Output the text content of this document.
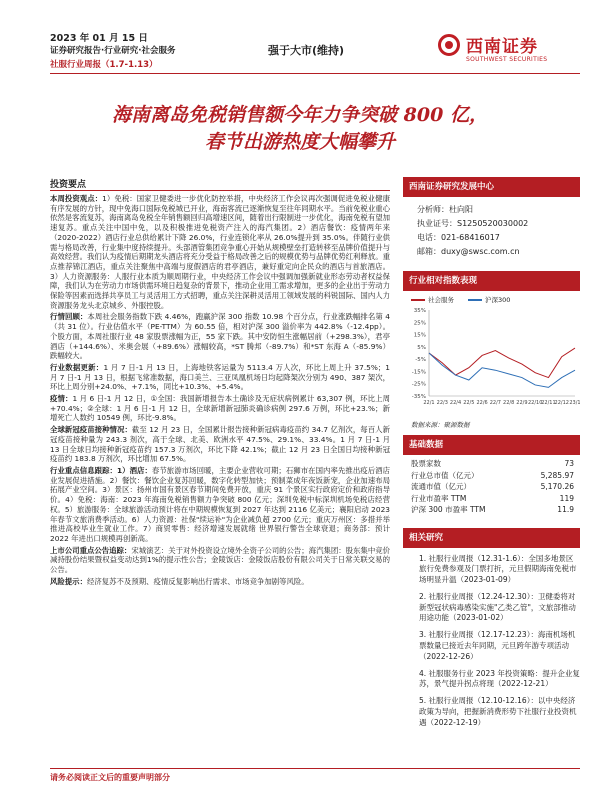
2023 年 01 月 15 日
证券研究报告·行业研究·社会服务
社服行业周报（1.7-1.13）
强于大市(维持)	西南证券
SOUTHWEST SECURITIES
海南离岛免税销售额今年力争突破 800 亿，
春节出游热度大幅攀升
投资要点

本周投资观点：1）免税：国家卫健委进一步优化防控举措，中央经济工作会议再次强调促进免税业健康有序发展的方针，现中免海口国际免税城已开业，海南客流已逐渐恢复至往年同期水平。当前免税业重心依然是客流复苏，海南离岛免税全年销售额回归高增速区间，随着出行限制进一步优化，海南免税有望加速复苏。重点关注中国中免，以及积极推进免税资产注入的海汽集团。2）酒店餐饮：疫情两年来（2020-2022）酒店行业总供给累计下降 26.0%，行业连锁化率从 26.0%提升到 35.0%。伴随行业供需与格局改善，行业集中度持续提升。头部酒管集团竞争重心开始从规模壁垒打造转移至品牌价值提升与高效经营。我们认为疫情后期期龙头酒店将充分受益于格局改善之后的规模优势与品牌优势红利释放。重点推荐锦江酒店，重点关注聚焦中高端与度假酒店的君亭酒店，兼好重定向企民众的酒店与首旅酒店。3）人力资源服务：人服行业本质为顺周期行业，中央经济工作会议中强调加强新就业形态劳动者权益保障，我们认为在劳动力市场供需环境日趋复杂的背景下，推动企业用工需求增加，更多的企业出于劳动力保险等因素而选择共享员工与灵活用工方式招聘，重点关注深耕灵活用工领域发展的科锐国际、国内人力资源服务龙头北京城乡、外服控股。

行情回顾：本周社会服务指数下跌 4.46%，跑赢沪深 300 指数 10.98 个百分点，行业涨跌幅排名第 4（共 31 位）。行业估值水平（PE-TTM）为 60.55 倍，相对沪深 300 溢价率为 442.8%（-12.4pp）。个股方面，本周社服行业 48 家股票涨幅为正，55 家下跌。其中安防恒生涨幅居前（+298.3%），君亭酒店（+144.6%）、米奥会展（+89.6%）涨幅较高，*ST 腾邦（-89.7%）和*ST 东海 A（-85.9%）跌幅较大。

行业数据更新：1 月 7 日-1 月 13 日，上海地铁客运量为 5113.4 万人次，环比上周上升 37.5%；1 月 7 日-1 月 13 日，根据飞常准数据，海口美兰、三亚凤凰机场日均起降架次分别为 490、387 架次，环比上周分别+24.0%、+7.1%，同比+10.3%、+5.4%。

疫情：1 月 6 日-1 月 12 日，①全国：我国新增报告本土确诊及无症状病例累计 63,307 例，环比上周+70.4%；②全球：1 月 6 日-1 月 12 日，全球新增新冠肺炎确诊病例 297.6 万例，环比+23.%；新增死亡人数约 10549 例，环比-9.8%。

全球新冠疫苗接种情况：截至 12 月 23 日，全国累计报告接种新冠病毒疫苗约 34.7 亿剂次，每百人新冠疫苗接种量为 243.3 剂次，高于全球、北美、欧洲水平 47.5%、29.1%、33.4%。1 月 7 日-1 月 13 日全球日均接种新冠疫苗约 157.3 万剂次，环比下降 42.1%；截止 12 月 23 日全国日均接种新冠疫苗约 183.8 万剂次，环比增加 67.5%。

行业重点信息跟踪：1）酒店：春节旅游市场回暖，主要企业营收可期；石狮市在国内率先推出疫后酒店业发展促进措施。2）餐饮：餐饮企业复苏回暖，数字化转型加快；预制菜成年夜饭新宠，企业加速布局拓展产业空间。3）景区：扬州市国有景区春节期间免费开放，重庆 91 个景区实行政府定价和政府指导价。4）免税：海南：2023 年海南免税销售额力争突破 800 亿元；深圳免税中标深圳机场免税店经营权。5）旅游服务：全球旅游活动预计将在中期规模恢复到 2027 年达到 2116 亿美元；襄阳启动 2023 年春节文旅消费季活动。6）人力资源：社保"续运补"为企业减负超 2700 亿元；重庆万州区：多措并举推进高校毕业生就业工作。7）商贸零售：经济增速发展就绪 世界银行警告全球衰退；商务部：预计 2022 年进出口规模再创新高。

上市公司重点公告追踪：宋城演艺：关于对外投资设立境外全资子公司的公告；海汽集团：股东集中竞价减持股份结果暨权益变动达到1%的提示性公告；金陵饭店：金陵饭店股份有限公司关于日常关联交易的公告。

风险提示：经济复苏不及预期、疫情反复影响出行需求、市场竞争加剧等风险。

西南证券研究发展中心
分析师：杜向阳
执业证号：S1250520030002
电话：021-68416017
邮箱：duxy@swsc.com.cn
行业相对指数表现
社会服务	沪深300
35%
25%
15%
5%
-5%
-15%
-25%
-35%
22/1 22/3 22/4 22/5 22/6 22/7 22/8 22/9 22/10
22/11
22/12 23/1
数据来源：聚源数据
基础数据
股票家数	73
行业总市值（亿元）	5,285.97
流通市值（亿元）	5,170.26
行业市盈率 TTM	119
沪深 300 市盈率 TTM	11.9
相关研究
1. 社服行业周报（12.31-1.6）：全国多地景区旅行免费参观及门票打折，元旦假期海南免税市场明显升温（2023-01-09）
2. 社服行业周报（12.24-12.30）：卫健委将对新型冠状病毒感染实施"乙类乙管"，文旅部推动用途功能（2023-01-02）
3. 社服行业周报（12.17-12.23）：海南机场机票数量已接近去年同期，元旦跨年游专项活动（2022-12-26）
4. 社服服务行业 2023 年投资策略：提升企业复苏，景气提升拐点将现（2022-12-21）
5. 社服行业周报（12.10-12.16）：以中央经济政策为导向，把握新消费形势下社服行业投资机遇（2022-12-19）
请务必阅读正文后的重要声明部分
